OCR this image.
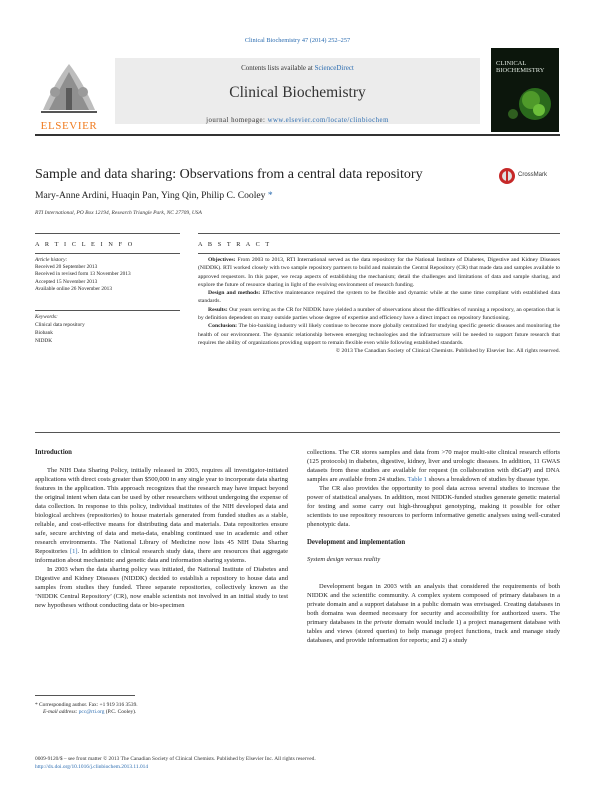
Clinical Biochemistry 47 (2014) 252–257
ELSEVIER
Contents lists available at ScienceDirect
Clinical Biochemistry
journal homepage: www.elsevier.com/locate/clinbiochem
CLINICAL
BIOCHEMISTRY
Sample and data sharing: Observations from a central data repository	CrossMark
Mary-Anne Ardini, Huaqin Pan, Ying Qin, Philip C. Cooley *
RTI International, PO Box 12194, Research Triangle Park, NC 27709, USA
A R T I C L E I N F O	A B S T R A C T
Article history:
Received 20 September 2013
Received in revised form 13 November 2013
Accepted 15 November 2013
Available online 26 November 2013
Keywords:
Clinical data repository
Biobank
NIDDK

Objectives: From 2003 to 2013, RTI International served as the data repository for the National Institute of Diabetes, Digestive and Kidney Diseases (NIDDK). RTI worked closely with two sample repository partners to build and maintain the Central Repository (CR) that made data and samples available to approved requestors. In this paper, we recap aspects of establishing the mechanism; detail the challenges and limitations of data and sample sharing, and explore the future of resource sharing in light of the evolving environment of research funding.

Design and methods: Effective maintenance required the system to be flexible and dynamic while at the same time compliant with established data standards.

Results: Our years serving as the CR for NIDDK have yielded a number of observations about the difficulties of running a repository, an operation that is by definition dependent on many outside parties whose degree of expertise and efficiency have a direct impact on repository functioning.

Conclusion: The bio-banking industry will likely continue to become more globally centralized for studying specific genetic diseases and monitoring the health of our environment. The dynamic relationship between emerging technologies and the infrastructure will be needed to support future research that requires the ability of organizations providing support to remain flexible even while following established standards.

© 2013 The Canadian Society of Clinical Chemists. Published by Elsevier Inc. All rights reserved.

Introduction

The NIH Data Sharing Policy, initially released in 2003, requires all investigator-initiated applications with direct costs greater than $500,000 in any single year to incorporate data sharing features in the application. This approach recognizes that the research may have impact beyond the original intent when data can be used by other researchers without undergoing the expense of data collection. In response to this policy, individual institutes of the NIH developed data and biological archives (repositories) to house materials generated from funded studies as a stable, reliable, and cost-effective means for distributing data and materials. Data repositories ensure safe, secure archiving of data and meta-data, enabling continued use in academic and other research environments. The National Library of Medicine now lists 45 NIH Data Sharing Repositories [1]. In addition to clinical research study data, there are resources that aggregate information about mechanistic and genetic data and information sharing systems.

In 2003 when the data sharing policy was initiated, the National Institute of Diabetes and Digestive and Kidney Diseases (NIDDK) decided to establish a repository to house data and samples from studies they funded. Three separate repositories, collectively known as the ‘NIDDK Central Repository’ (CR), now enable scientists not involved in an initial study to test new hypotheses without conducting data or bio-specimen

collections. The CR stores samples and data from >70 major multi-site clinical research efforts (125 protocols) in diabetes, digestive, kidney, liver and urologic diseases. In addition, 11 GWAS datasets from these studies are available for request (in collaboration with dbGaP) and DNA samples are available from 24 studies. Table 1 shows a breakdown of studies by disease type.

The CR also provides the opportunity to pool data across several studies to increase the power of statistical analyses. In addition, most NIDDK-funded studies generate genetic material for testing and some carry out high-throughput genotyping, making it possible for other scientists to use repository resources to perform informative genetic analyses using well-curated phenotypic data.

Development and implementation
System design versus reality

Development began in 2003 with an analysis that considered the requirements of both NIDDK and the scientific community. A complex system composed of primary databases in a private domain and a support database in a public domain was envisaged. Creating databases in both domains was deemed necessary for security and accessibility for authorized users. The primary databases in the private domain would include 1) a project management database with tables and views (stored queries) to help manage project functions, track and manage study databases, and provide information for reports; and 2) a study

* Corresponding author. Fax: +1 919 316 3539.
E-mail address: pcc@rti.org (P.C. Cooley).
0009-9120/$ – see front matter © 2013 The Canadian Society of Clinical Chemists. Published by Elsevier Inc. All rights reserved.
http://dx.doi.org/10.1016/j.clinbiochem.2013.11.014
